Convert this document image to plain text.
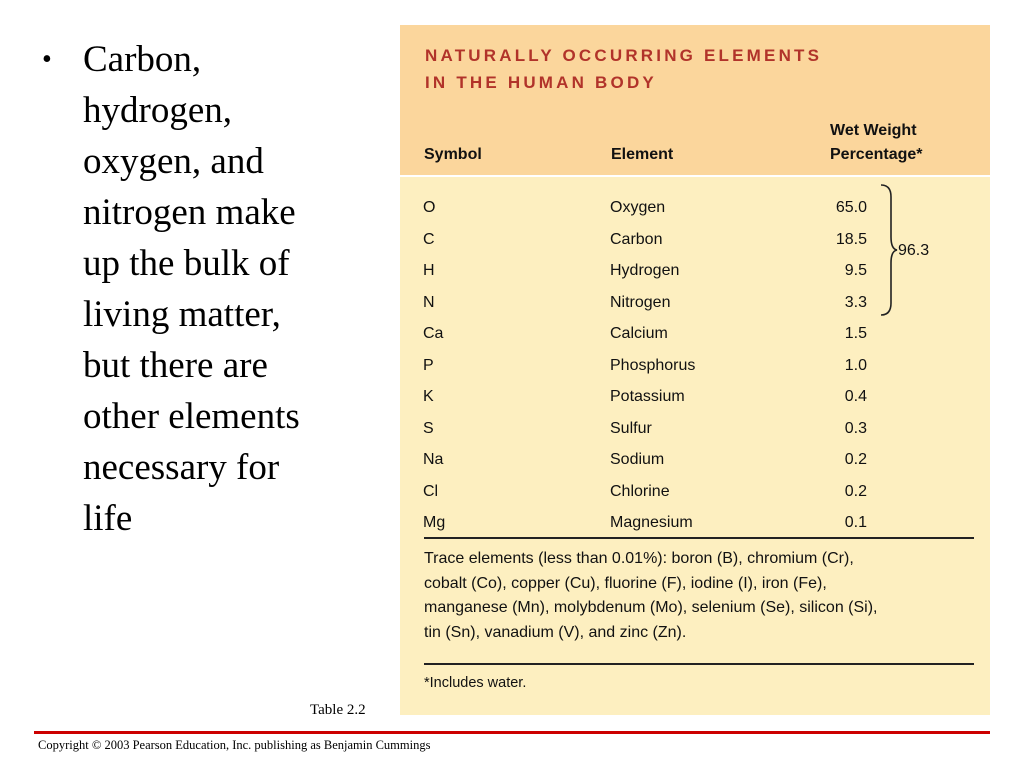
• Carbon,
hydrogen,
oxygen, and
nitrogen make
up the bulk of
living matter,
but there are
other elements
necessary for
life
NATURALLY OCCURRING ELEMENTS
IN THE HUMAN BODY
Symbol	Element
Wet Weight
Percentage*
O	Oxygen	65.0
C	Carbon	18.5
H	Hydrogen	9.5
N	Nitrogen	3.3
Ca	Calcium	1.5
P	Phosphorus	1.0
K	Potassium	0.4
S	Sulfur	0.3
Na	Sodium	0.2
Cl	Chlorine	0.2
Mg	Magnesium	0.1
96.3
Trace elements (less than 0.01%): boron (B), chromium (Cr),
cobalt (Co), copper (Cu), fluorine (F), iodine (I), iron (Fe),
manganese (Mn), molybdenum (Mo), selenium (Se), silicon (Si),
tin (Sn), vanadium (V), and zinc (Zn).
*Includes water.
Table 2.2
Copyright © 2003 Pearson Education, Inc. publishing as Benjamin Cummings
